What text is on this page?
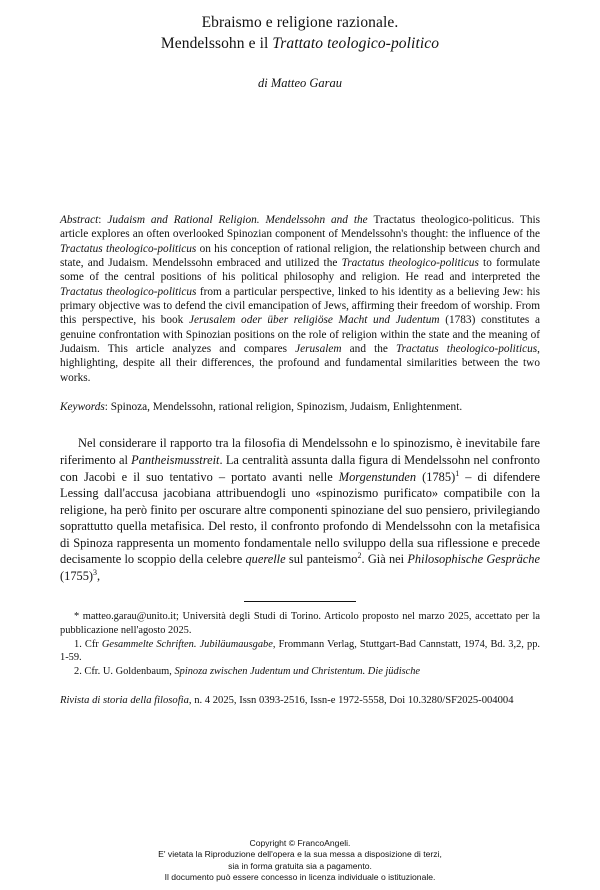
Ebraismo e religione razionale.
Mendelssohn e il Trattato teologico-politico
di Matteo Garau
Abstract: Judaism and Rational Religion. Mendelssohn and the Tractatus theologico-politicus. This article explores an often overlooked Spinozian component of Mendelssohn's thought: the influence of the Tractatus theologico-politicus on his conception of rational religion, the relationship between church and state, and Judaism. Mendelssohn embraced and utilized the Tractatus theologico-politicus to formulate some of the central positions of his political philosophy and religion. He read and interpreted the Tractatus theologico-politicus from a particular perspective, linked to his identity as a believing Jew: his primary objective was to defend the civil emancipation of Jews, affirming their freedom of worship. From this perspective, his book Jerusalem oder über religiöse Macht und Judentum (1783) constitutes a genuine confrontation with Spinozian positions on the role of religion within the state and the meaning of Judaism. This article analyzes and compares Jerusalem and the Tractatus theologico-politicus, highlighting, despite all their differences, the profound and fundamental similarities between the two works.
Keywords: Spinoza, Mendelssohn, rational religion, Spinozism, Judaism, Enlightenment.
Nel considerare il rapporto tra la filosofia di Mendelssohn e lo spinozismo, è inevitabile fare riferimento al Pantheismusstreit. La centralità assunta dalla figura di Mendelssohn nel confronto con Jacobi e il suo tentativo – portato avanti nelle Morgenstunden $(1785)^1$ – di difendere Lessing dall'accusa jacobiana attribuendogli uno «spinozismo purificato» compatibile con la religione, ha però finito per oscurare altre componenti spinoziane del suo pensiero, privilegiando soprattutto quella metafisica. Del resto, il confronto profondo di Mendelssohn con la metafisica di Spinoza rappresenta un momento fondamentale nello sviluppo della sua riflessione e precede decisamente lo scoppio della celebre querelle sul panteismo$^2$. Già nei Philosophische Gespräche $(1755)^3$,
* matteo.garau@unito.it; Università degli Studi di Torino. Articolo proposto nel marzo 2025, accettato per la pubblicazione nell'agosto 2025.
1. Cfr Gesammelte Schriften. Jubiläumausgabe, Frommann Verlag, Stuttgart-Bad Cannstatt, 1974, Bd. 3,2, pp. 1-59.
2. Cfr. U. Goldenbaum, Spinoza zwischen Judentum und Christentum. Die jüdische
Rivista di storia della filosofia, n. 4 2025, Issn 0393-2516, Issn-e 1972-5558, Doi 10.3280/SF2025-004004
Copyright © FrancoAngeli.
E' vietata la Riproduzione dell'opera e la sua messa a disposizione di terzi,
sia in forma gratuita sia a pagamento.
Il documento può essere concesso in licenza individuale o istituzionale.
